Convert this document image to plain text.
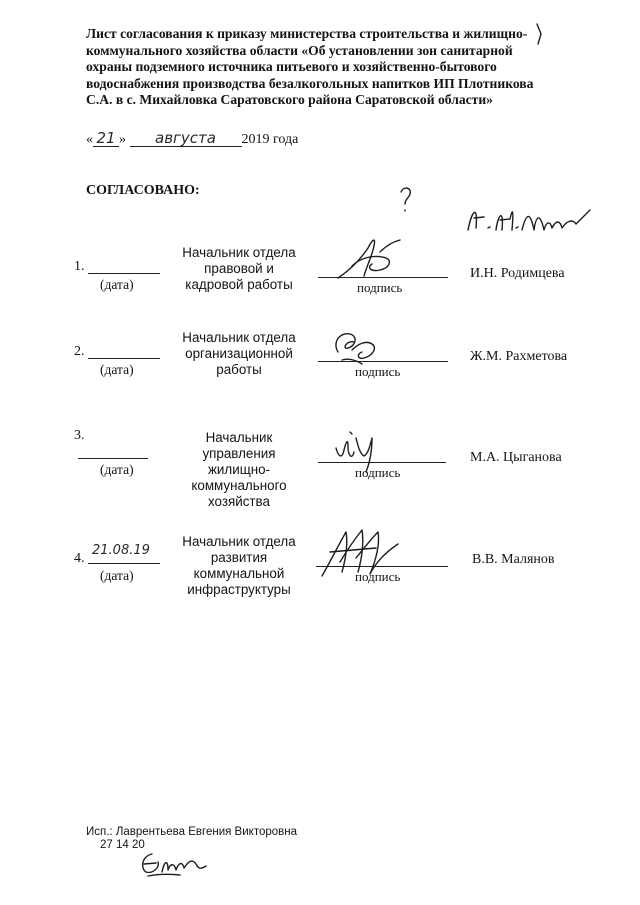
Лист согласования к приказу министерства строительства и жилищно-
коммунального хозяйства области «Об установлении зон санитарной
охраны подземного источника питьевого и хозяйственно-бытового
водоснабжения производства безалкогольных напитков ИП Плотникова
С.А. в с. Михайловка Саратовского района Саратовской области»
« 21 » августа 2019 года
СОГЛАСОВАНО:
1.
(дата)
Начальник отдела
правовой и
кадровой работы	подпись
И.Н. Родимцева
2.
(дата)
Начальник отдела
организационной
работы	подпись
Ж.М. Рахметова
3.
(дата)
Начальник
управления
жилищно-
коммунального
хозяйства
подпись
М.А. Цыганова
4.
21.08.19
(дата)
Начальник отдела
развития
коммунальной
инфраструктуры
подпись
В.В. Малянов
Исп.: Лаврентьева Евгения Викторовна
27 14 20
